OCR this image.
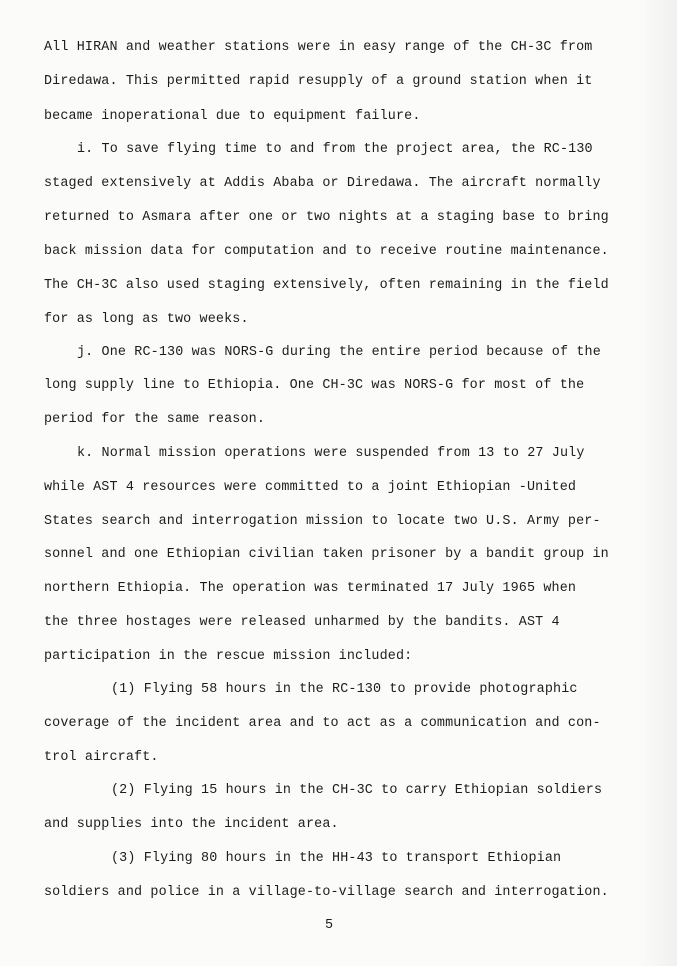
All HIRAN and weather stations were in easy range of the CH-3C from
Diredawa. This permitted rapid resupply of a ground station when it
became inoperational due to equipment failure.
i. To save flying time to and from the project area, the RC-130
staged extensively at Addis Ababa or Diredawa. The aircraft normally
returned to Asmara after one or two nights at a staging base to bring
back mission data for computation and to receive routine maintenance.
The CH-3C also used staging extensively, often remaining in the field
for as long as two weeks.
j. One RC-130 was NORS-G during the entire period because of the
long supply line to Ethiopia. One CH-3C was NORS-G for most of the
period for the same reason.
k. Normal mission operations were suspended from 13 to 27 July
while AST 4 resources were committed to a joint Ethiopian -United
States search and interrogation mission to locate two U.S. Army per-
sonnel and one Ethiopian civilian taken prisoner by a bandit group in
northern Ethiopia. The operation was terminated 17 July 1965 when
the three hostages were released unharmed by the bandits. AST 4
participation in the rescue mission included:
(1) Flying 58 hours in the RC-130 to provide photographic
coverage of the incident area and to act as a communication and con-
trol aircraft.
(2) Flying 15 hours in the CH-3C to carry Ethiopian soldiers
and supplies into the incident area.
(3) Flying 80 hours in the HH-43 to transport Ethiopian
soldiers and police in a village-to-village search and interrogation.
5
